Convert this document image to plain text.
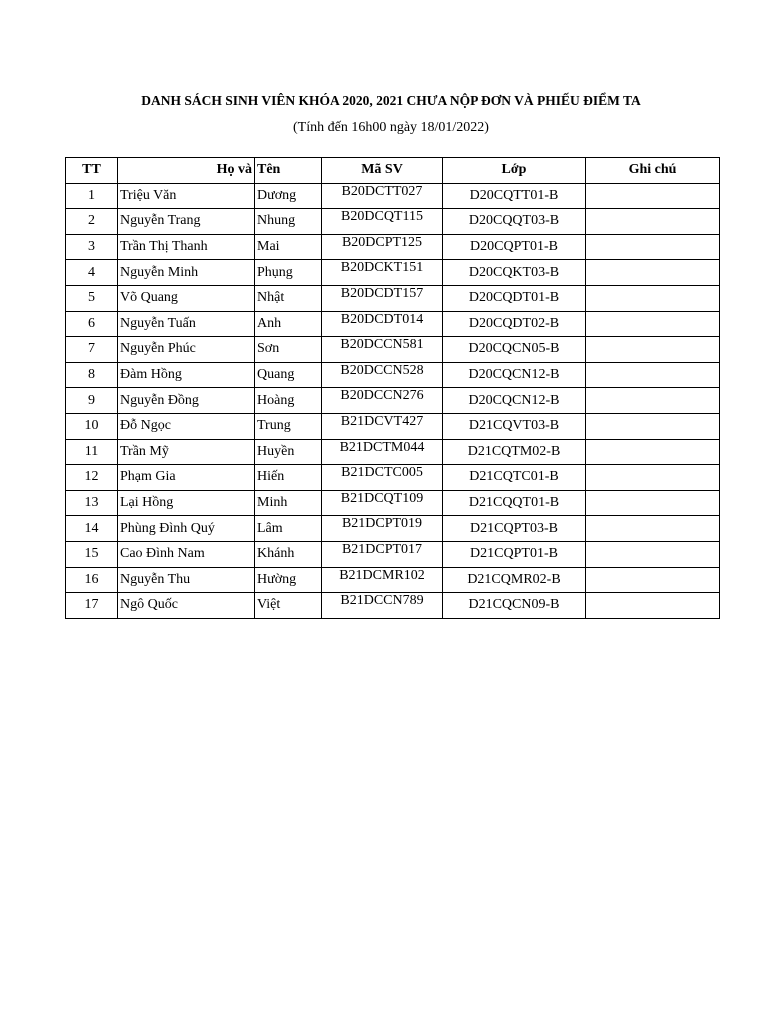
DANH SÁCH SINH VIÊN KHÓA 2020, 2021 CHƯA NỘP ĐƠN VÀ PHIẾU ĐIỂM TA
(Tính đến 16h00 ngày 18/01/2022)
TT	Họ và	Tên	Mã SV	Lớp	Ghi chú
1	Triệu Văn	Dương	B20DCTT027	D20CQTT01-B	
2	Nguyễn Trang	Nhung	B20DCQT115	D20CQQT03-B	
3	Trần Thị Thanh	Mai	B20DCPT125	D20CQPT01-B	
4	Nguyễn Minh	Phụng	B20DCKT151	D20CQKT03-B	
5	Võ Quang	Nhật	B20DCDT157	D20CQDT01-B	
6	Nguyễn Tuấn	Anh	B20DCDT014	D20CQDT02-B	
7	Nguyễn Phúc	Sơn	B20DCCN581	D20CQCN05-B	
8	Đàm Hồng	Quang	B20DCCN528	D20CQCN12-B	
9	Nguyễn Đồng	Hoàng	B20DCCN276	D20CQCN12-B	
10	Đỗ Ngọc	Trung	B21DCVT427	D21CQVT03-B	
11	Trần Mỹ	Huyền	B21DCTM044	D21CQTM02-B	
12	Phạm Gia	Hiến	B21DCTC005	D21CQTC01-B	
13	Lại Hồng	Minh	B21DCQT109	D21CQQT01-B	
14	Phùng Đình Quý	Lâm	B21DCPT019	D21CQPT03-B	
15	Cao Đình Nam	Khánh	B21DCPT017	D21CQPT01-B	
16	Nguyễn Thu	Hường	B21DCMR102	D21CQMR02-B	
17	Ngô Quốc	Việt	B21DCCN789	D21CQCN09-B	
